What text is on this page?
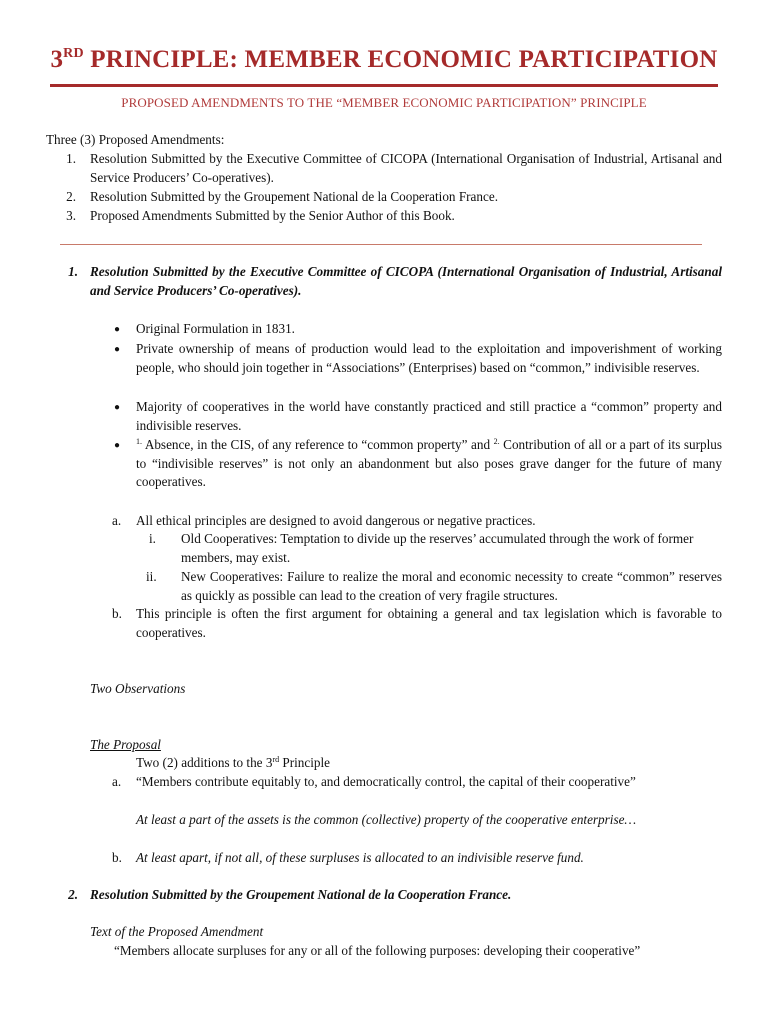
3RD PRINCIPLE: MEMBER ECONOMIC PARTICIPATION
PROPOSED AMENDMENTS TO THE “MEMBER ECONOMIC PARTICIPATION” PRINCIPLE
Three (3) Proposed Amendments:
1. Resolution Submitted by the Executive Committee of CICOPA (International Organisation of Industrial, Artisanal and Service Producers’ Co-operatives).
2. Resolution Submitted by the Groupement National de la Cooperation France.
3. Proposed Amendments Submitted by the Senior Author of this Book.
1. Resolution Submitted by the Executive Committee of CICOPA (International Organisation of Industrial, Artisanal and Service Producers’ Co-operatives).
● Original Formulation in 1831.
● Private ownership of means of production would lead to the exploitation and impoverishment of working people, who should join together in “Associations” (Enterprises) based on “common,” indivisible reserves.
● Majority of cooperatives in the world have constantly practiced and still practice a “common” property and indivisible reserves.
● $^{1.}$ Absence, in the CIS, of any reference to “common property” and $^{2.}$ Contribution of all or a part of its surplus to “indivisible reserves” is not only an abandonment but also poses grave danger for the future of many cooperatives.
a. All ethical principles are designed to avoid dangerous or negative practices.
i. Old Cooperatives: Temptation to divide up the reserves’ accumulated through the work of former members, may exist.
ii. New Cooperatives: Failure to realize the moral and economic necessity to create “common” reserves as quickly as possible can lead to the creation of very fragile structures.
b. This principle is often the first argument for obtaining a general and tax legislation which is favorable to cooperatives.
Two Observations
The Proposal
Two (2) additions to the 3rd Principle
a. “Members contribute equitably to, and democratically control, the capital of their cooperative”
At least a part of the assets is the common (collective) property of the cooperative enterprise…
b. At least apart, if not all, of these surpluses is allocated to an indivisible reserve fund.
2. Resolution Submitted by the Groupement National de la Cooperation France.
Text of the Proposed Amendment
“Members allocate surpluses for any or all of the following purposes: developing their cooperative”
